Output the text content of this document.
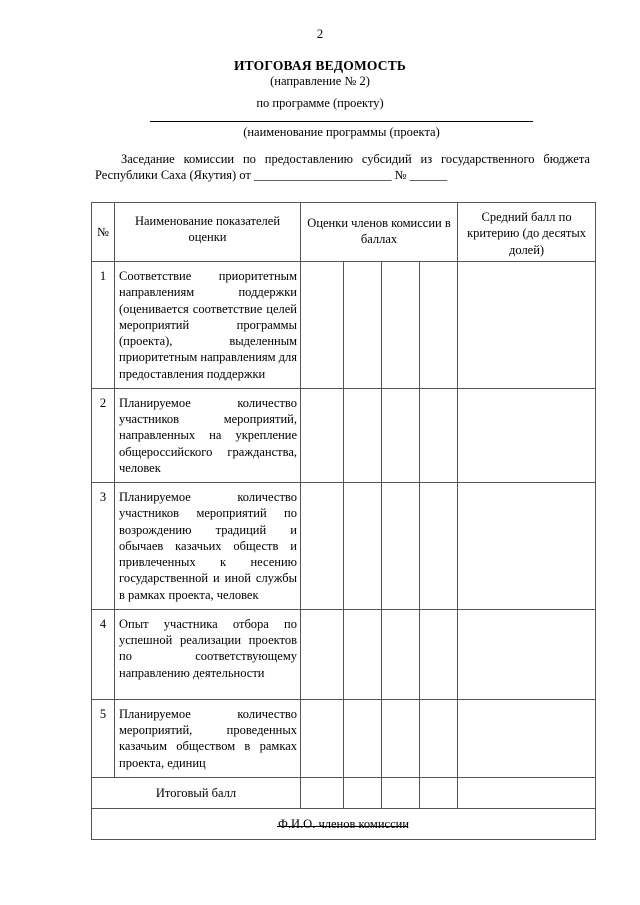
2
ИТОГОВАЯ ВЕДОМОСТЬ
(направление № 2)
по программе (проекту)
(наименование программы (проекта)
Заседание комиссии по предоставлению субсидий из государственного бюджета Республики Саха (Якутия) от ______________________ № ______
№	Наименование показателей оценки	Оценки членов комиссии в баллах				Средний балл по критерию (до десятых долей)
1	Соответствие приоритетным направлениям поддержки (оценивается соответствие целей мероприятий программы (проекта), выделенным приоритетным направлениям для предоставления поддержки					
2	Планируемое количество участников мероприятий, направленных на укрепление общероссийского гражданства, человек					
3	Планируемое количество участников мероприятий по возрождению традиций и обычаев казачьих обществ и привлеченных к несению государственной и иной службы в рамках проекта, человек					
4	Опыт участника отбора по успешной реализации проектов по соответствующему направлению деятельности					
5	Планируемое количество мероприятий, проведенных казачьим обществом в рамках проекта, единиц					
Итоговый балл						
Ф.И.О. членов комиссии						
